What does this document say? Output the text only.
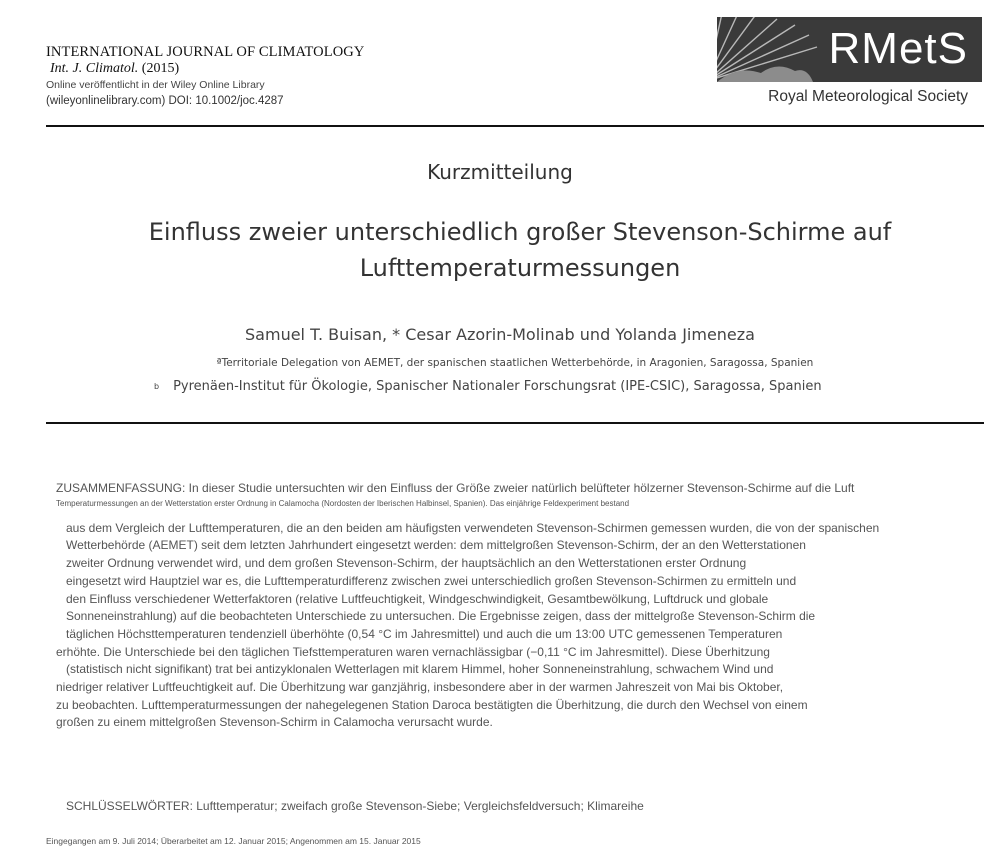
INTERNATIONAL JOURNAL OF CLIMATOLOGY
Int. J. Climatol. (2015)
Online veröffentlicht in der Wiley Online Library
(wileyonlinelibrary.com) DOI: 10.1002/joc.4287
RMetS
Royal Meteorological Society
Kurzmitteilung
Einfluss zweier unterschiedlich großer Stevenson-Schirme auf
Lufttemperaturmessungen
Samuel T. Buisan, * Cesar Azorin-Molinab und Yolanda Jimeneza
ªTerritoriale Delegation von AEMET, der spanischen staatlichen Wetterbehörde, in Aragonien, Saragossa, Spanien
$^b$ Pyrenäen-Institut für Ökologie, Spanischer Nationaler Forschungsrat (IPE-CSIC), Saragossa, Spanien
ZUSAMMENFASSUNG: In dieser Studie untersuchten wir den Einfluss der Größe zweier natürlich belüfteter hölzerner Stevenson-Schirme auf die Luft
Temperaturmessungen an der Wetterstation erster Ordnung in Calamocha (Nordosten der Iberischen Halbinsel, Spanien). Das einjährige Feldexperiment bestand
aus dem Vergleich der Lufttemperaturen, die an den beiden am häufigsten verwendeten Stevenson-Schirmen gemessen wurden, die von der spanischen
Wetterbehörde (AEMET) seit dem letzten Jahrhundert eingesetzt werden: dem mittelgroßen Stevenson-Schirm, der an den Wetterstationen
zweiter Ordnung verwendet wird, und dem großen Stevenson-Schirm, der hauptsächlich an den Wetterstationen erster Ordnung
eingesetzt wird Hauptziel war es, die Lufttemperaturdifferenz zwischen zwei unterschiedlich großen Stevenson-Schirmen zu ermitteln und
den Einfluss verschiedener Wetterfaktoren (relative Luftfeuchtigkeit, Windgeschwindigkeit, Gesamtbewölkung, Luftdruck und globale
Sonneneinstrahlung) auf die beobachteten Unterschiede zu untersuchen. Die Ergebnisse zeigen, dass der mittelgroße Stevenson-Schirm die
täglichen Höchsttemperaturen tendenziell überhöhte (0,54 °C im Jahresmittel) und auch die um 13:00 UTC gemessenen Temperaturen
erhöhte. Die Unterschiede bei den täglichen Tiefsttemperaturen waren vernachlässigbar (−0,11 °C im Jahresmittel). Diese Überhitzung
(statistisch nicht signifikant) trat bei antizyklonalen Wetterlagen mit klarem Himmel, hoher Sonneneinstrahlung, schwachem Wind und
niedriger relativer Luftfeuchtigkeit auf. Die Überhitzung war ganzjährig, insbesondere aber in der warmen Jahreszeit von Mai bis Oktober,
zu beobachten. Lufttemperaturmessungen der nahegelegenen Station Daroca bestätigten die Überhitzung, die durch den Wechsel von einem
großen zu einem mittelgroßen Stevenson-Schirm in Calamocha verursacht wurde.
SCHLÜSSELWÖRTER: Lufttemperatur; zweifach große Stevenson-Siebe; Vergleichsfeldversuch; Klimareihe
Eingegangen am 9. Juli 2014; Überarbeitet am 12. Januar 2015; Angenommen am 15. Januar 2015
